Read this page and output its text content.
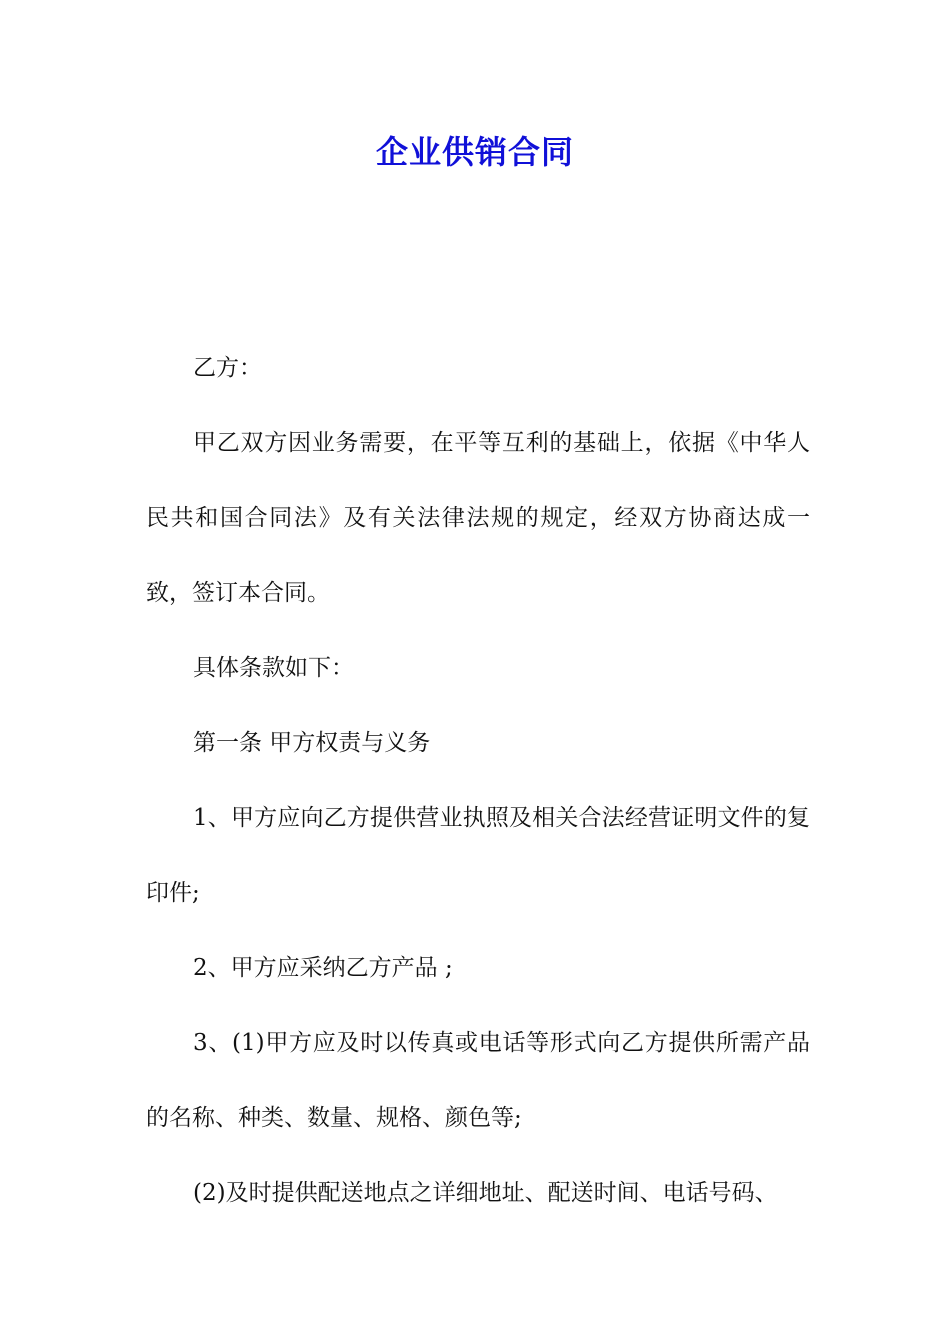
企业供销合同

乙方：

甲乙双方因业务需要，在平等互利的基础上，依据《中华人民共和国合同法》及有关法律法规的规定，经双方协商达成一致，签订本合同。

具体条款如下：

第一条 甲方权责与义务

1、甲方应向乙方提供营业执照及相关合法经营证明文件的复印件;

2、甲方应采纳乙方产品 ;

3、(1)甲方应及时以传真或电话等形式向乙方提供所需产品的名称、种类、数量、规格、颜色等;

(2)及时提供配送地点之详细地址、配送时间、电话号码、
